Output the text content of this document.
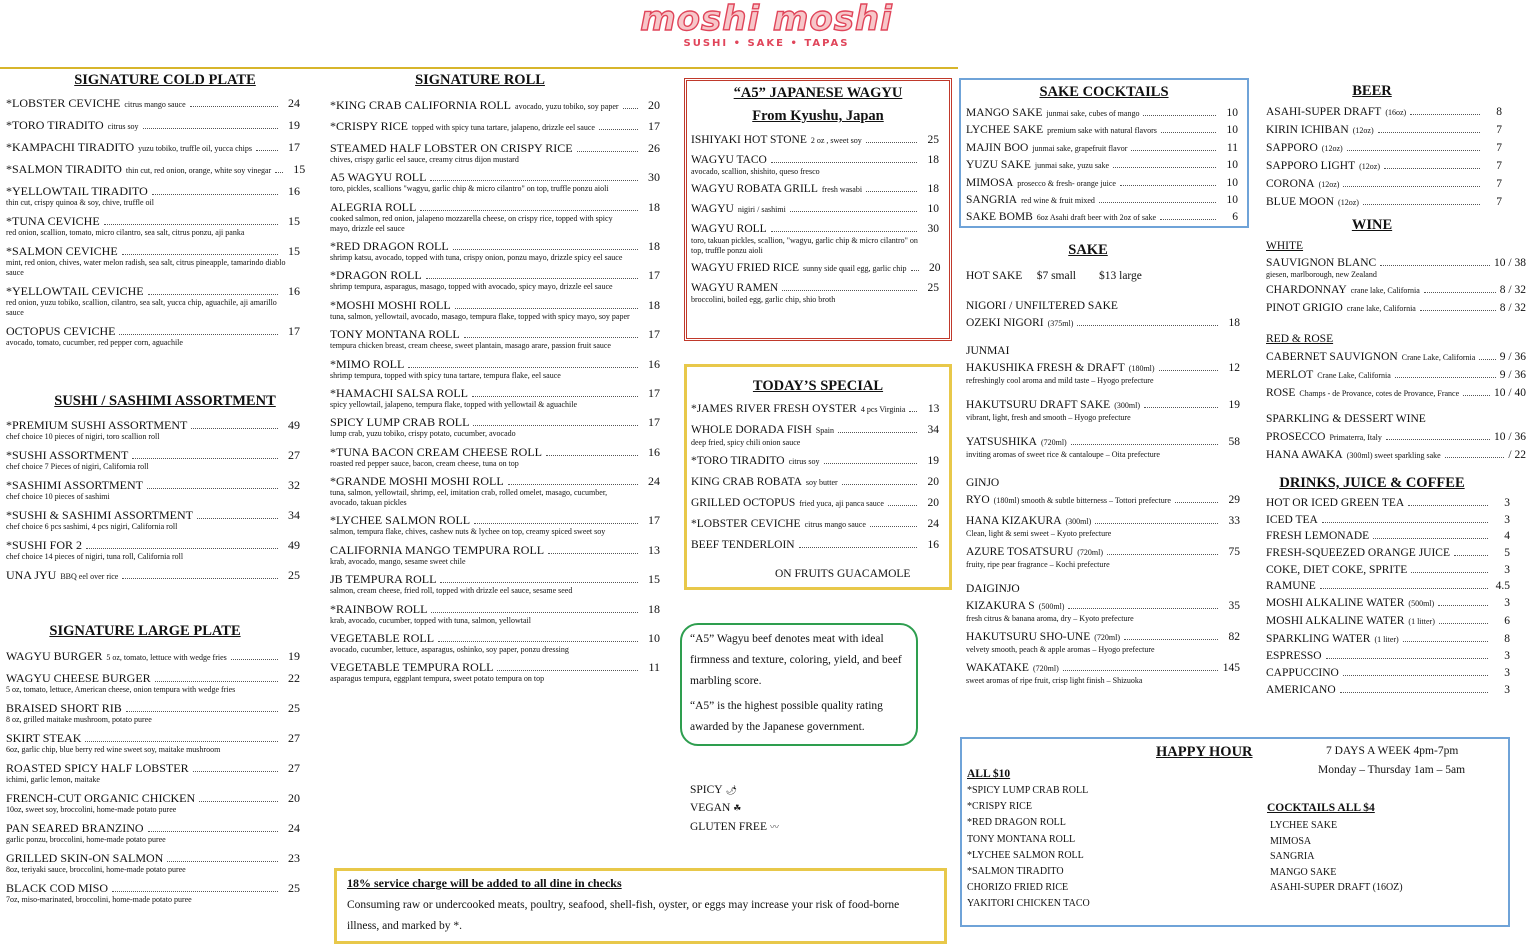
moshi moshi
SUSHI • SAKE • TAPAS
SIGNATURE COLD PLATE
*LOBSTER CEVICHE citrus mango sauce	24
*TORO TIRADITO citrus soy	19
*KAMPACHI TIRADITO yuzu tobiko, truffle oil, yucca chips	17
*SALMON TIRADITO thin cut, red onion, orange, white soy vinegar	15
*YELLOWTAIL TIRADITO	16
thin cut, crispy quinoa & soy, chive, truffle oil
*TUNA CEVICHE	15
red onion, scallion, tomato, micro cilantro, sea salt, citrus ponzu, aji panka
*SALMON CEVICHE	15
mint, red onion, chives, water melon radish, sea salt, citrus pineapple, tamarindo diablo sauce
*YELLOWTAIL CEVICHE	16
red onion, yuzu tobiko, scallion, cilantro, sea salt, yucca chip, aguachile, aji amarillo sauce
OCTOPUS CEVICHE	17
avocado, tomato, cucumber, red pepper corn, aguachile
SUSHI / SASHIMI ASSORTMENT
*PREMIUM SUSHI ASSORTMENT	49
chef choice 10 pieces of nigiri, toro scallion roll
*SUSHI ASSORTMENT	27
chef choice 7 Pieces of nigiri, California roll
*SASHIMI ASSORTMENT	32
chef choice 10 pieces of sashimi
*SUSHI & SASHIMI ASSORTMENT	34
chef choice 6 pcs sashimi, 4 pcs nigiri, California roll
*SUSHI FOR 2	49
chef choice 14 pieces of nigiri, tuna roll, California roll
UNA JYU BBQ eel over rice	25
SIGNATURE LARGE PLATE
WAGYU BURGER 5 oz, tomato, lettuce with wedge fries	19
WAGYU CHEESE BURGER	22
5 oz, tomato, lettuce, American cheese, onion tempura with wedge fries
BRAISED SHORT RIB	25
8 oz, grilled maitake mushroom, potato puree
SKIRT STEAK	27
6oz, garlic chip, blue berry red wine sweet soy, maitake mushroom
ROASTED SPICY HALF LOBSTER	27
ichimi, garlic lemon, maitake
FRENCH-CUT ORGANIC CHICKEN	20
10oz, sweet soy, broccolini, home-made potato puree
PAN SEARED BRANZINO	24
garlic ponzu, broccolini, home-made potato puree
GRILLED SKIN-ON SALMON	23
8oz, teriyaki sauce, broccolini, home-made potato puree
BLACK COD MISO	25
7oz, miso-marinated, broccolini, home-made potato puree
SIGNATURE ROLL
*KING CRAB CALIFORNIA ROLL avocado, yuzu tobiko, soy paper	20
*CRISPY RICE topped with spicy tuna tartare, jalapeno, drizzle eel sauce	17
STEAMED HALF LOBSTER ON CRISPY RICE	26
chives, crispy garlic eel sauce, creamy citrus dijon mustard
A5 WAGYU ROLL	30
toro, pickles, scallions "wagyu, garlic chip & micro cilantro" on top, truffle ponzu aioli
ALEGRIA ROLL	18
cooked salmon, red onion, jalapeno mozzarella cheese, on crispy rice, topped with spicy mayo, drizzle eel sauce
*RED DRAGON ROLL	18
shrimp katsu, avocado, topped with tuna, crispy onion, ponzu mayo, drizzle spicy eel sauce
*DRAGON ROLL	17
shrimp tempura, asparagus, masago, topped with avocado, spicy mayo, drizzle eel sauce
*MOSHI MOSHI ROLL	18
tuna, salmon, yellowtail, avocado, masago, tempura flake, topped with spicy mayo, soy paper
TONY MONTANA ROLL	17
tempura chicken breast, cream cheese, sweet plantain, masago arare, passion fruit sauce
*MIMO ROLL	16
shrimp tempura, topped with spicy tuna tartare, tempura flake, eel sauce
*HAMACHI SALSA ROLL	17
spicy yellowtail, jalapeno, tempura flake, topped with yellowtail & aguachile
SPICY LUMP CRAB ROLL	17
lump crab, yuzu tobiko, crispy potato, cucumber, avocado
*TUNA BACON CREAM CHEESE ROLL	16
roasted red pepper sauce, bacon, cream cheese, tuna on top
*GRANDE MOSHI MOSHI ROLL	24
tuna, salmon, yellowtail, shrimp, eel, imitation crab, rolled omelet, masago, cucumber, avocado, takuan pickles
*LYCHEE SALMON ROLL	17
salmon, tempura flake, chives, cashew nuts & lychee on top, creamy spiced sweet soy
CALIFORNIA MANGO TEMPURA ROLL	13
krab, avocado, mango, sesame sweet chile
JB TEMPURA ROLL	15
salmon, cream cheese, fried roll, topped with drizzle eel sauce, sesame seed
*RAINBOW ROLL	18
krab, avocado, cucumber, topped with tuna, salmon, yellowtail
VEGETABLE ROLL	10
avocado, cucumber, lettuce, asparagus, oshinko, soy paper, ponzu dressing
VEGETABLE TEMPURA ROLL	11
asparagus tempura, eggplant tempura, sweet potato tempura on top
“A5” JAPANESE WAGYU
From Kyushu, Japan
ISHIYAKI HOT STONE 2 oz , sweet soy	25
WAGYU TACO	18
avocado, scallion, shishito, queso fresco
WAGYU ROBATA GRILL fresh wasabi	18
WAGYU nigiri / sashimi	10
WAGYU ROLL	30
toro, takuan pickles, scallion, "wagyu, garlic chip & micro cilantro" on top, truffle ponzu aioli
WAGYU FRIED RICE sunny side quail egg, garlic chip	20
WAGYU RAMEN	25
broccolini, boiled egg, garlic chip, shio broth
TODAY’S SPECIAL
*JAMES RIVER FRESH OYSTER 4 pcs Virginia	13
WHOLE DORADA FISH Spain	34
deep fried, spicy chili onion sauce
*TORO TIRADITO citrus soy	19
KING CRAB ROBATA soy butter	20
GRILLED OCTOPUS fried yuca, aji panca sauce	20
*LOBSTER CEVICHE citrus mango sauce	24
BEEF TENDERLOIN	16
ON FRUITS GUACAMOLE
“A5” Wagyu beef denotes meat with ideal firmness and texture, coloring, yield, and beef marbling score.
“A5” is the highest possible quality rating awarded by the Japanese government.
SPICY 🌶
VEGAN ☘
GLUTEN FREE 〰
18% service charge will be added to all dine in checks
Consuming raw or undercooked meats, poultry, seafood, shell-fish, oyster, or eggs may increase your risk of food-borne illness, and marked by *.
SAKE COCKTAILS
MANGO SAKE junmai sake, cubes of mango	10
LYCHEE SAKE premium sake with natural flavors	10
MAJIN BOO junmai sake, grapefruit flavor	11
YUZU SAKE junmai sake, yuzu sake	10
MIMOSA prosecco & fresh- orange juice	10
SANGRIA red wine & fruit mixed	10
SAKE BOMB 6oz Asahi draft beer with 2oz of sake	6
SAKE
HOT SAKE     $7 small        $13 large
NIGORI / UNFILTERED SAKE
OZEKI NIGORI (375ml)	18
JUNMAI
HAKUSHIKA FRESH & DRAFT (180ml)	12
refreshingly cool aroma and mild taste – Hyogo prefecture
HAKUTSURU DRAFT SAKE (300ml)	19
vibrant, light, fresh and smooth – Hyogo prefecture
YATSUSHIKA (720ml)	58
inviting aromas of sweet rice & cantaloupe – Oita prefecture
GINJO
RYO (180ml) smooth & subtle bitterness – Tottori prefecture	29
HANA KIZAKURA (300ml)	33
Clean, light & semi sweet – Kyoto prefecture
AZURE TOSATSURU (720ml)	75
fruity, ripe pear fragrance – Kochi prefecture
DAIGINJO
KIZAKURA S (500ml)	35
fresh citrus & banana aroma, dry – Kyoto prefecture
HAKUTSURU SHO-UNE (720ml)	82
velvety smooth, peach & apple aromas – Hyogo prefecture
WAKATAKE (720ml)	145
sweet aromas of ripe fruit, crisp light finish – Shizuoka
BEER
ASAHI-SUPER DRAFT (16oz)	8
KIRIN ICHIBAN (12oz)	7
SAPPORO (12oz)	7
SAPPORO LIGHT (12oz)	7
CORONA (12oz)	7
BLUE MOON (12oz)	7
WINE
WHITE
SAUVIGNON BLANC	10 / 38
giesen, marlborough, new Zealand
CHARDONNAY crane lake, California	8 / 32
PINOT GRIGIO crane lake, California	8 / 32
RED & ROSE
CABERNET SAUVIGNON Crane Lake, California 9 / 36
MERLOT Crane Lake, California	9 / 36
ROSE Champs - de Provance, cotes de Provance, France	10 / 40
SPARKLING & DESSERT WINE
PROSECCO Primaterra, Italy	10 / 36
HANA AWAKA (300ml) sweet sparkling sake	/ 22
DRINKS, JUICE & COFFEE
HOT OR ICED GREEN TEA	3
ICED TEA	3
FRESH LEMONADE	4
FRESH-SQUEEZED ORANGE JUICE	5
COKE, DIET COKE, SPRITE	3
RAMUNE	4.5
MOSHI ALKALINE WATER (500ml)	3
MOSHI ALKALINE WATER (1 litter)	6
SPARKLING WATER (1 liter)	8
ESPRESSO	3
CAPPUCCINO	3
AMERICANO	3
HAPPY HOUR	7 DAYS A WEEK 4pm-7pm
Monday – Thursday 1am – 5am
ALL $10
*SPICY LUMP CRAB ROLL
*CRISPY RICE
*RED DRAGON ROLL
TONY MONTANA ROLL
*LYCHEE SALMON ROLL
*SALMON TIRADITO
CHORIZO FRIED RICE
YAKITORI CHICKEN TACO
COCKTAILS ALL $4
LYCHEE SAKE
MIMOSA
SANGRIA
MANGO SAKE
ASAHI-SUPER DRAFT (16OZ)
